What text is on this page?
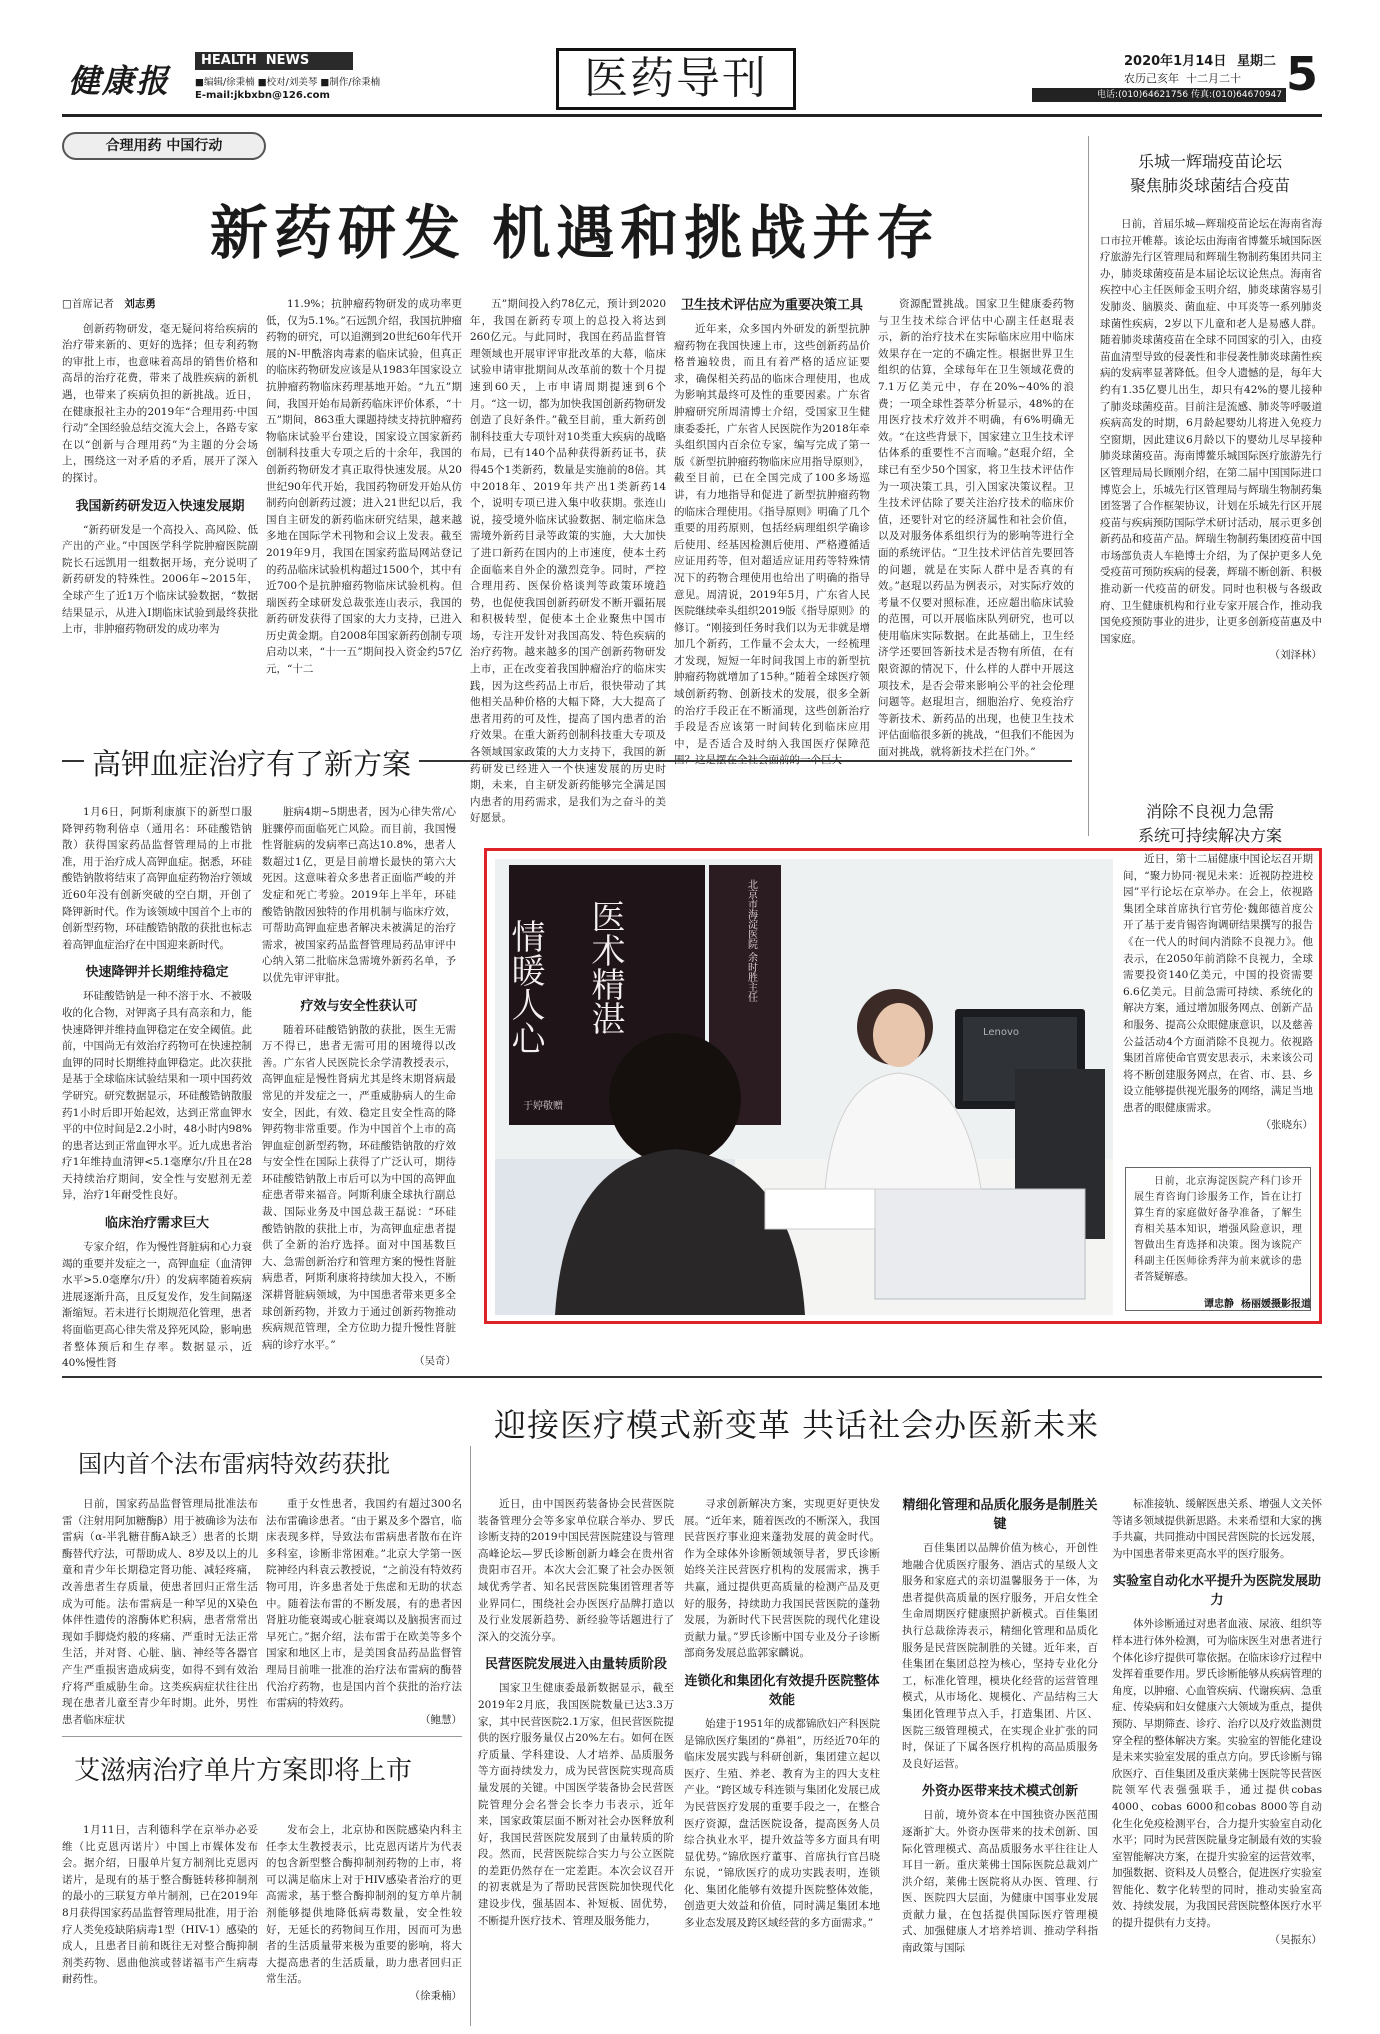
健康报
HEALTH  NEWS
■编辑/徐秉楠 ■校对/刘美琴 ■制作/徐秉楠
E-mail:jkbxbn@126.com	医药导刊	2020年1月14日 星期二
农历己亥年  十二月二十 5
电话:(010)64621756 传真:(010)64670947
合理用药 中国行动
新药研发 机遇和挑战并存

□首席记者　 刘志勇

创新药物研发，毫无疑问将给疾病的治疗带来新的、更好的选择；但专利药物的审批上市，也意味着高昂的销售价格和高昂的治疗花费，带来了战胜疾病的新机遇，也带来了疾病负担的新挑战。近日，在健康报社主办的2019年“合理用药·中国行动”全国经验总结交流大会上，各路专家在以“创新与合理用药”为主题的分会场上，围绕这一对矛盾的矛盾，展开了深入的探讨。

我国新药研发迈入快速发展期

“新药研发是一个高投入、高风险、低产出的产业。”中国医学科学院肿瘤医院副院长石远凯用一组数据开场，充分说明了新药研发的特殊性。2006年~2015年，全球产生了近1万个临床试验数据，“数据结果显示，从进入I期临床试验到最终获批上市，非肿瘤药物研发的成功率为

11.9%；抗肿瘤药物研发的成功率更低，仅为5.1%。”石远凯介绍，我国抗肿瘤药物的研究，可以追溯到20世纪60年代开展的N-甲酰溶肉毒素的临床试验，但真正的临床药物研发应该是从1983年国家设立抗肿瘤药物临床药理基地开始。“九五”期间，我国开始布局新药临床评价体系，“十五”期间，863重大课题持续支持抗肿瘤药物临床试验平台建设，国家设立国家新药创制科技重大专项之后的十余年，我国的创新药物研发才真正取得快速发展。从20世纪90年代开始，我国药物研发开始从仿制药向创新药过渡；进入21世纪以后，我国自主研发的新药临床研究结果，越来越多地在国际学术刊物和会议上发表。截至2019年9月，我国在国家药监局网站登记的药品临床试验机构超过1500个，其中有近700个是抗肿瘤药物临床试验机构。但瑞医药全球研发总裁张连山表示，我国的新药研发获得了国家的大力支持，已进入历史黄金期。自2008年国家新药创制专项启动以来，“十一五”期间投入资金约57亿元，“十二

五”期间投入约78亿元，预计到2020年，我国在新药专项上的总投入将达到260亿元。与此同时，我国在药品监督管理领域也开展审评审批改革的大幕，临床试验申请审批期间从改革前的数十个月提速到60天，上市申请周期提速到6个月。“这一切，都为加快我国创新药物研发创造了良好条件。”截至目前，重大新药创制科技重大专项针对10类重大疾病的战略布局，已有140个品种获得新药证书，获得45个1类新药，数量是实施前的8倍。其中2018年、2019年共产出1类新药14个，说明专项已进入集中收获期。张连山说，接受境外临床试验数据、制定临床急需境外新药目录等政策的实施，大大加快了进口新药在国内的上市速度，使本土药企面临来自外企的激烈竞争。同时，严控合理用药、医保价格谈判等政策环境趋势，也促使我国创新药研发不断开疆拓展和积极转型，促使本土企业聚焦中国市场，专注开发针对我国高发、特色疾病的治疗药物。越来越多的国产创新药物研发上市，正在改变着我国肿瘤治疗的临床实践，因为这些药品上市后，很快带动了其他相关品种价格的大幅下降，大大提高了患者用药的可及性，提高了国内患者的治疗效果。在重大新药创制科技重大专项及各领域国家政策的大力支持下，我国的新药研发已经进入一个快速发展的历史时期，未来，自主研发新药能够完全满足国内患者的用药需求，是我们为之奋斗的美好愿景。

卫生技术评估应为重要决策工具

近年来，众多国内外研发的新型抗肿瘤药物在我国快速上市，这些创新药品价格普遍较贵，而且有着严格的适应证要求，确保相关药品的临床合理使用，也成为影响其最终可及性的重要因素。广东省肿瘤研究所周清博士介绍，受国家卫生健康委委托，广东省人民医院作为2018年牵头组织国内百余位专家，编写完成了第一版《新型抗肿瘤药物临床应用指导原则》，截至目前，已在全国完成了100多场巡讲，有力地指导和促进了新型抗肿瘤药物的临床合理使用。《指导原则》明确了几个重要的用药原则，包括经病理组织学确诊后使用、经基因检测后使用、严格遵循适应证用药等，但对超适应证用药等特殊情况下的药物合理使用也给出了明确的指导意见。周清说，2019年5月，广东省人民医院继续牵头组织2019版《指导原则》的修订。“刚接到任务时我们以为无非就是增加几个新药，工作量不会太大，一经梳理才发现，短短一年时间我国上市的新型抗肿瘤药物就增加了15种。”随着全球医疗领域创新药物、创新技术的发展，很多全新的治疗手段正在不断涌现，这些创新治疗手段是否应该第一时间转化到临床应用中，是否适合及时纳入我国医疗保障范

资源配置挑战。国家卫生健康委药物与卫生技术综合评估中心副主任赵琨表示，新的治疗技术在实际临床应用中临床效果存在一定的不确定性。根据世界卫生组织的估算，全球每年在卫生领域花费的7.1万亿美元中，存在20%~40%的浪费；一项全球性荟萃分析显示，48%的在用医疗技术疗效并不明确，有6%明确无效。“在这些背景下，国家建立卫生技术评估体系的重要性不言而喻。”赵琨介绍，全球已有至少50个国家，将卫生技术评估作为一项决策工具，引入国家决策议程。卫生技术评估除了要关注治疗技术的临床价值，还要针对它的经济属性和社会价值，以及对服务体系组织行为的影响等进行全面的系统评估。“卫生技术评估首先要回答的问题，就是在实际人群中是否真的有效。”赵琨以药品为例表示，对实际疗效的考量不仅要对照标准，还应超出临床试验的范围，可以开展临床队列研究，也可以使用临床实际数据。在此基础上，卫生经济学还要回答新技术是否物有所值，在有限资源的情况下，什么样的人群中开展这项技术，是否会带来影响公平的社会伦理问题等。赵琨坦言，细胞治疗、免疫治疗等新技术、新药品的出现，也使卫生技术评估面临很多新的挑战，“但我们不能因为面对挑战，就将新技术拦在门外。”

乐城一辉瑞疫苗论坛
聚焦肺炎球菌结合疫苗

日前，首届乐城—辉瑞疫苗论坛在海南省海口市拉开帷幕。该论坛由海南省博鳌乐城国际医疗旅游先行区管理局和辉瑞生物制药集团共同主办，肺炎球菌疫苗是本届论坛议论焦点。海南省疾控中心主任医师金玉明介绍，肺炎球菌容易引发肺炎、脑膜炎、菌血症、中耳炎等一系列肺炎球菌性疾病，2岁以下儿童和老人是易感人群。随着肺炎球菌疫苗在全球不同国家的引入，由疫苗血清型导致的侵袭性和非侵袭性肺炎球菌性疾病的发病率显著降低。但令人遗憾的是，每年大约有1.35亿婴儿出生，却只有42%的婴儿接种了肺炎球菌疫苗。目前注是流感、肺炎等呼吸道疾病高发的时期，6月龄起婴幼儿将进入免疫力空窗期，因此建议6月龄以下的婴幼儿尽早接种肺炎球菌疫苗。海南博鳌乐城国际医疗旅游先行区管理局局长顾刚介绍，在第二届中国国际进口博览会上，乐城先行区管理局与辉瑞生物制药集团签署了合作框架协议，计划在乐城先行区开展疫苗与疾病预防国际学术研讨活动，展示更多创新药品和疫苗产品。辉瑞生物制药集团疫苗中国市场部负责人车艳博士介绍，为了保护更多人免受疫苗可预防疾病的侵袭，辉瑞不断创新、积极推动新一代疫苗的研发。同时也积极与各级政府、卫生健康机构和行业专家开展合作，推动我国免疫预防事业的进步，让更多创新疫苗惠及中国家庭。

（刘泽林）

高钾血症治疗有了新方案

1月6日，阿斯利康旗下的新型口服降钾药物利倍卓（通用名：环硅酸锆钠散）获得国家药品监督管理局的上市批准，用于治疗成人高钾血症。据悉，环硅酸锆钠散将结束了高钾血症药物治疗领域近60年没有创新突破的空白期，开创了降钾新时代。作为该领域中国首个上市的创新型药物，环硅酸锆钠散的获批也标志着高钾血症治疗在中国迎来新时代。

快速降钾并长期维持稳定

环硅酸锆钠是一种不溶于水、不被吸收的化合物，对钾离子具有高亲和力，能快速降钾并维持血钾稳定在安全阈值。此前，中国尚无有效治疗药物可在快速控制血钾的同时长期维持血钾稳定。此次获批是基于全球临床试验结果和一项中国药效学研究。研究数据显示，环硅酸锆钠散服药1小时后即开始起效，达到正常血钾水平的中位时间是2.2小时，48小时内98%的患者达到正常血钾水平。近九成患者治疗1年维持血清钾<5.1毫摩尔/升且在28天持续治疗期间，安全性与安慰剂无差异，治疗1年耐受性良好。

临床治疗需求巨大

专家介绍，作为慢性肾脏病和心力衰竭的重要并发症之一，高钾血症（血清钾水平>5.0毫摩尔/升）的发病率随着疾病进展逐渐升高，且反复发作，发生间隔逐渐缩短。若未进行长期规范化管理，患者将面临更高心律失常及猝死风险，影响患者整体预后和生存率。数据显示，近40%慢性肾

脏病4期~5期患者，因为心律失常/心脏骤停而面临死亡风险。而目前，我国慢性肾脏病的发病率已高达10.8%，患者人数超过1亿，更是目前增长最快的第六大死因。这意味着众多患者正面临严峻的并发症和死亡考验。2019年上半年，环硅酸锆钠散因独特的作用机制与临床疗效，可帮助高钾血症患者解决未被满足的治疗需求，被国家药品监督管理局药品审评中心纳入第二批临床急需境外新药名单，予以优先审评审批。

疗效与安全性获认可

随着环硅酸锆钠散的获批，医生无需万不得已，患者无需可用的困境得以改善。广东省人民医院长余学清教授表示，高钾血症是慢性肾病尤其是终末期肾病最常见的并发症之一，严重威胁病人的生命安全，因此，有效、稳定且安全性高的降钾药物非常重要。作为中国首个上市的高钾血症创新型药物，环硅酸锆钠散的疗效与安全性在国际上获得了广泛认可，期待环硅酸锆钠散上市后可以为中国的高钾血症患者带来福音。阿斯利康全球执行副总裁、国际业务及中国总裁王磊说：“环硅酸锆钠散的获批上市，为高钾血症患者提供了全新的治疗选择。面对中国基数巨大、急需创新治疗和管理方案的慢性肾脏病患者，阿斯利康将持续加大投入，不断深耕肾脏病领域，为中国患者带来更多全球创新药物，并致力于通过创新药物推动疾病规范管理，全方位助力提升慢性肾脏病的诊疗水平。”

（吴奇）

消除不良视力急需
系统可持续解决方案
情暖人心 医术精湛	北京市海淀医院 余时胜主任
于婷敬赠
Lenovo

近日，第十二届健康中国论坛召开期间，“聚力协同·视见未来：近视防控进校园”平行论坛在京举办。在会上，依视路集团全球首席执行官劳伦·魏郎德首度公开了基于麦肯锡咨询调研结果撰写的报告《在一代人的时间内消除不良视力》。他表示，在2050年前消除不良视力，全球需要投资140亿美元，中国的投资需要6.6亿美元。目前急需可持续、系统化的解决方案，通过增加服务网点、创新产品和服务、提高公众眼健康意识，以及慈善公益活动4个方面消除不良视力。依视路集团首席使命官贾安思表示，未来该公司将不断创建服务网点，在省、市、县、乡设立能够提供视光服务的网络，满足当地患者的眼健康需求。

（张晓东）

日前，北京海淀医院产科门诊开展生育咨询门诊服务工作，旨在让打算生育的家庭做好备孕准备，了解生育相关基本知识，增强风险意识，理智做出生育选择和决策。图为该院产科副主任医师徐秀萍为前来就诊的患者答疑解惑。
谭忠静  杨丽媛摄影报道
迎接医疗模式新变革 共话社会办医新未来
国内首个法布雷病特效药获批

日前，国家药品监督管理局批准法布雷（注射用阿加糖酶β）用于被确诊为法布雷病（α-半乳糖苷酶A缺乏）患者的长期酶替代疗法，可帮助成人、8岁及以上的儿童和青少年长期稳定肾功能、减轻疼痛，改善患者生存质量，使患者回归正常生活成为可能。法布雷病是一种罕见的X染色体伴性遗传的溶酶体贮积病，患者常常出现如手脚烧灼般的疼痛、严重时无法正常生活，并对肾、心脏、脑、神经等各器官产生严重损害造成病变，如得不到有效治疗将严重威胁生命。这类疾病症状往往出现在患者儿童至青少年时期。此外，男性患者临床症状

重于女性患者，我国约有超过300名法布雷确诊患者。“由于累及多个器官，临床表现多样，导致法布雷病患者散布在许多科室，诊断非常困难。”北京大学第一医院神经内科袁云教授说，“之前没有特效药物可用，许多患者处于焦虑和无助的状态中。随着法布雷的不断发展，有的患者因肾脏功能衰竭或心脏衰竭以及脑损害而过早死亡。”据介绍，法布雷于在欧美等多个国家和地区上市，是美国食品药品监督管理局目前唯一批准的治疗法布雷病的酶替代治疗药物，也是国内首个获批的治疗法布雷病的特效药。

（鲍慧）

艾滋病治疗单片方案即将上市

1月11日，吉利德科学在京举办必妥维（比克恩丙诺片）中国上市媒体发布会。据介绍，日服单片复方制剂比克恩丙诺片，是现有的基于整合酶链转移抑制剂的最小的三联复方单片制剂，已在2019年8月获得国家药品监督管理局批准，用于治疗人类免疫缺陷病毒1型（HIV-1）感染的成人，且患者目前和既往无对整合酶抑制剂类药物、恩曲他滨或替诺福韦产生病毒耐药性。

发布会上，北京协和医院感染内科主任李太生教授表示，比克恩丙诺片为代表的包含新型整合酶抑制剂药物的上市，将可以满足临床上对于HIV感染者治疗的更高需求，基于整合酶抑制剂的复方单片制剂能够提供地降低病毒数量，安全性较好，无延长的药物间互作用，因而可为患者的生活质量带来极为重要的影响，将大大提高患者的生活质量，助力患者回归正常生活。

（徐秉楠）

近日，由中国医药装备协会民营医院装备管理分会等多家单位联合举办、罗氏诊断支持的2019中国民营医院建设与管理高峰论坛—罗氏诊断创新力峰会在贵州省贵阳市召开。本次大会汇聚了社会办医领域优秀学者、知名民营医院集团管理者等业界同仁，围绕社会办医医疗品牌打造以及行业发展新趋势、新经验等话题进行了深入的交流分享。

民营医院发展进入由量转质阶段

国家卫生健康委最新数据显示，截至2019年2月底，我国医院数量已达3.3万家，其中民营医院2.1万家，但民营医院提供的医疗服务量仅占20%左右。如何在医疗质量、学科建设、人才培养、品质服务等方面持续发力，成为民营医院实现高质量发展的关键。中国医学装备协会民营医院管理分会名誉会长李力韦表示，近年来，国家政策层面不断对社会办医释放利好，我国民营医院发展到了由量转质的阶段。然而，民营医院综合实力与公立医院的差距仍然存在一定差距。本次会议召开的初衷就是为了帮助民营医院加快现代化建设步伐，强基固本、补短板、固优势，不断提升医疗技术、管理及服务能力，

寻求创新解决方案，实现更好更快发展。“近年来，随着医改的不断深入，我国民营医疗事业迎来蓬勃发展的黄金时代。作为全球体外诊断领域领导者，罗氏诊断始终关注民营医疗机构的发展需求，携手共赢，通过提供更高质量的检测产品及更好的服务，持续助力我国民营医院的蓬勃发展，为新时代下民营医院的现代化建设贡献力量。”罗氏诊断中国专业及分子诊断部商务发展总监郭家麟说。

连锁化和集团化有效提升医院整体效能

始建于1951年的成都锦欣妇产科医院是锦欣医疗集团的“鼻祖”，历经近70年的临床发展实践与科研创新，集团建立起以医疗、生殖、养老、教育为主的四大支柱产业。“跨区域专科连锁与集团化发展已成为民营医疗发展的重要手段之一，在整合医疗资源，盘活医院设备，提高医务人员综合执业水平，提升效益等多方面具有明显优势。”锦欣医疗董事、首席执行官吕晓东说，“锦欣医疗的成功实践表明，连锁化、集团化能够有效提升医院整体效能，创造更大效益和价值，同时满足集团本地多业态发展及跨区域经营的多方面需求。”

精细化管理和品质化服务是制胜关键

百佳集团以品牌价值为核心，开创性地融合优质医疗服务、酒店式的星级人文服务和家庭式的亲切温馨服务于一体，为患者提供高质量的医疗服务，开启女性全生命周期医疗健康照护新模式。百佳集团执行总裁徐涛表示，精细化管理和品质化服务是民营医院制胜的关键。近年来，百佳集团在集团总控为核心，坚持专业化分工，标准化管理，模块化经营的运营管理模式，从市场化、规模化、产品结构三大集团化管理节点入手，打造集团、片区、医院三级管理模式，在实现企业扩张的同时，保证了下属各医疗机构的高品质服务及良好运营。

外资办医带来技术模式创新

日前，境外资本在中国独资办医范围逐渐扩大。外资办医带来的技术创新、国际化管理模式、高品质服务水平往往让人耳目一新。重庆莱佛士国际医院总裁刘广洪介绍，莱佛士医院将从办医、管理、行医、医院四大层面，为健康中国事业发展贡献力量，在包括提供国际医疗管理模式、加强健康人才培养培训、推动学科指南政策与国际

标准接轨、缓解医患关系、增强人文关怀等诸多领域提供新思路。未来希望和大家的携手共赢，共同推动中国民营医院的长远发展，为中国患者带来更高水平的医疗服务。

实验室自动化水平提升为医院发展助力

体外诊断通过对患者血液、尿液、组织等样本进行体外检测，可为临床医生对患者进行个体化诊疗提供可靠依据。在临床诊疗过程中发挥着重要作用。罗氏诊断能够从疾病管理的角度，以肿瘤、心血管疾病、代谢疾病、急重症、传染病和妇女健康六大领域为重点，提供预防、早期筛查、诊疗、治疗以及疗效监测贯穿全程的整体解决方案。实验室的智能化建设是未来实验室发展的重点方向。罗氏诊断与锦欣医疗、百佳集团及重庆莱佛士医院等民营医院领军代表强强联手，通过提供cobas 4000、cobas 6000和cobas 8000等自动化生化免疫检测平台，合力提升实验室自动化水平；同时为民营医院量身定制最有效的实验室智能解决方案，在提升实验室的运营效率，加强数据、资料及人员整合，促进医疗实验室智能化、数字化转型的同时，推动实验室高效、持续发展，为我国民营医院整体医疗水平的提升提供有力支持。

（吴振东）
